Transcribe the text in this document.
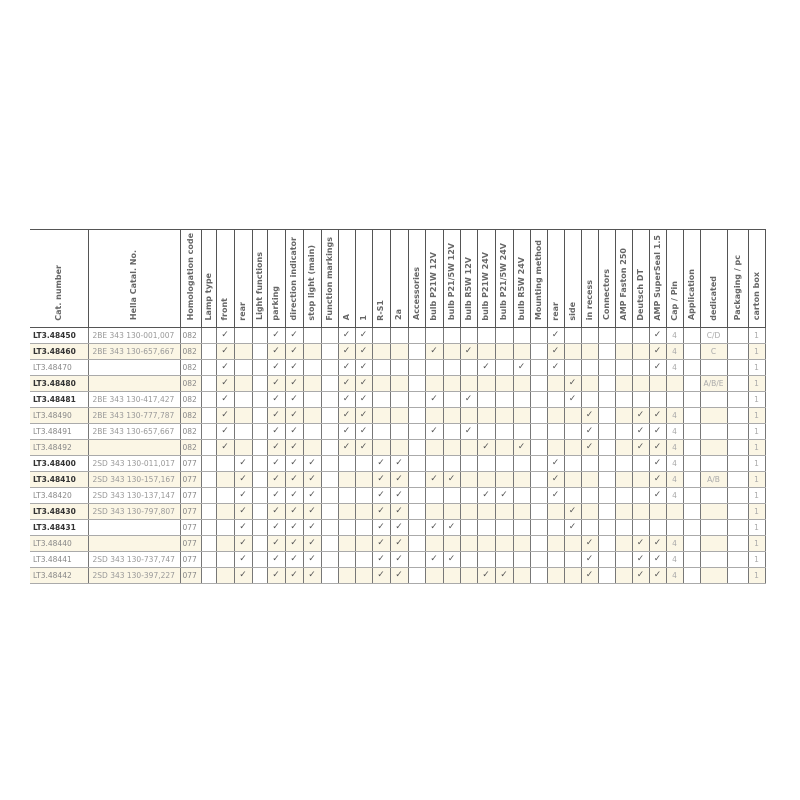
Cat. number	Hella Catal. No.	Homologation code	Lamp type	front	rear	Light functions	parking	direction indicator	stop light (main)	Function markings	A	1	R-S1	2a	Accessories	bulb P21W 12V	bulb P21/5W 12V	bulb R5W 12V	bulb P21W 24V	bulb P21/5W 24V	bulb R5W 24V	Mounting method	rear	side	in recess	Connectors	AMP Faston 250	Deutsch DT	AMP SuperSeal 1.5	Cap / Pin	Application	dedicated	Packaging / pc	carton box
LT3.48450	2BE 343 130-001,007	082		✓			✓	✓			✓	✓											✓						✓	4		C/D		1
LT3.48460	2BE 343 130-657,667	082		✓			✓	✓			✓	✓				✓		✓					✓						✓	4		C		1
LT3.48470		082		✓			✓	✓			✓	✓							✓		✓		✓						✓	4				1
LT3.48480		082		✓			✓	✓			✓	✓												✓								A/B/E		1
LT3.48481	2BE 343 130-417,427	082		✓			✓	✓			✓	✓				✓		✓						✓										1
LT3.48490	2BE 343 130-777,787	082		✓			✓	✓			✓	✓													✓			✓	✓	4				1
LT3.48491	2BE 343 130-657,667	082		✓			✓	✓			✓	✓				✓		✓							✓			✓	✓	4				1
LT3.48492		082		✓			✓	✓			✓	✓							✓		✓				✓			✓	✓	4				1
LT3.48400	2SD 343 130-011,017	077			✓		✓	✓	✓				✓	✓									✓						✓	4				1
LT3.48410	2SD 343 130-157,167	077			✓		✓	✓	✓				✓	✓		✓	✓						✓						✓	4		A/B		1
LT3.48420	2SD 343 130-137,147	077			✓		✓	✓	✓				✓	✓					✓	✓			✓						✓	4				1
LT3.48430	2SD 343 130-797,807	077			✓		✓	✓	✓				✓	✓										✓										1
LT3.48431		077			✓		✓	✓	✓				✓	✓		✓	✓							✓										1
LT3.48440		077			✓		✓	✓	✓				✓	✓											✓			✓	✓	4				1
LT3.48441	2SD 343 130-737,747	077			✓		✓	✓	✓				✓	✓		✓	✓								✓			✓	✓	4				1
LT3.48442	2SD 343 130-397,227	077			✓		✓	✓	✓				✓	✓					✓	✓					✓			✓	✓	4				1
